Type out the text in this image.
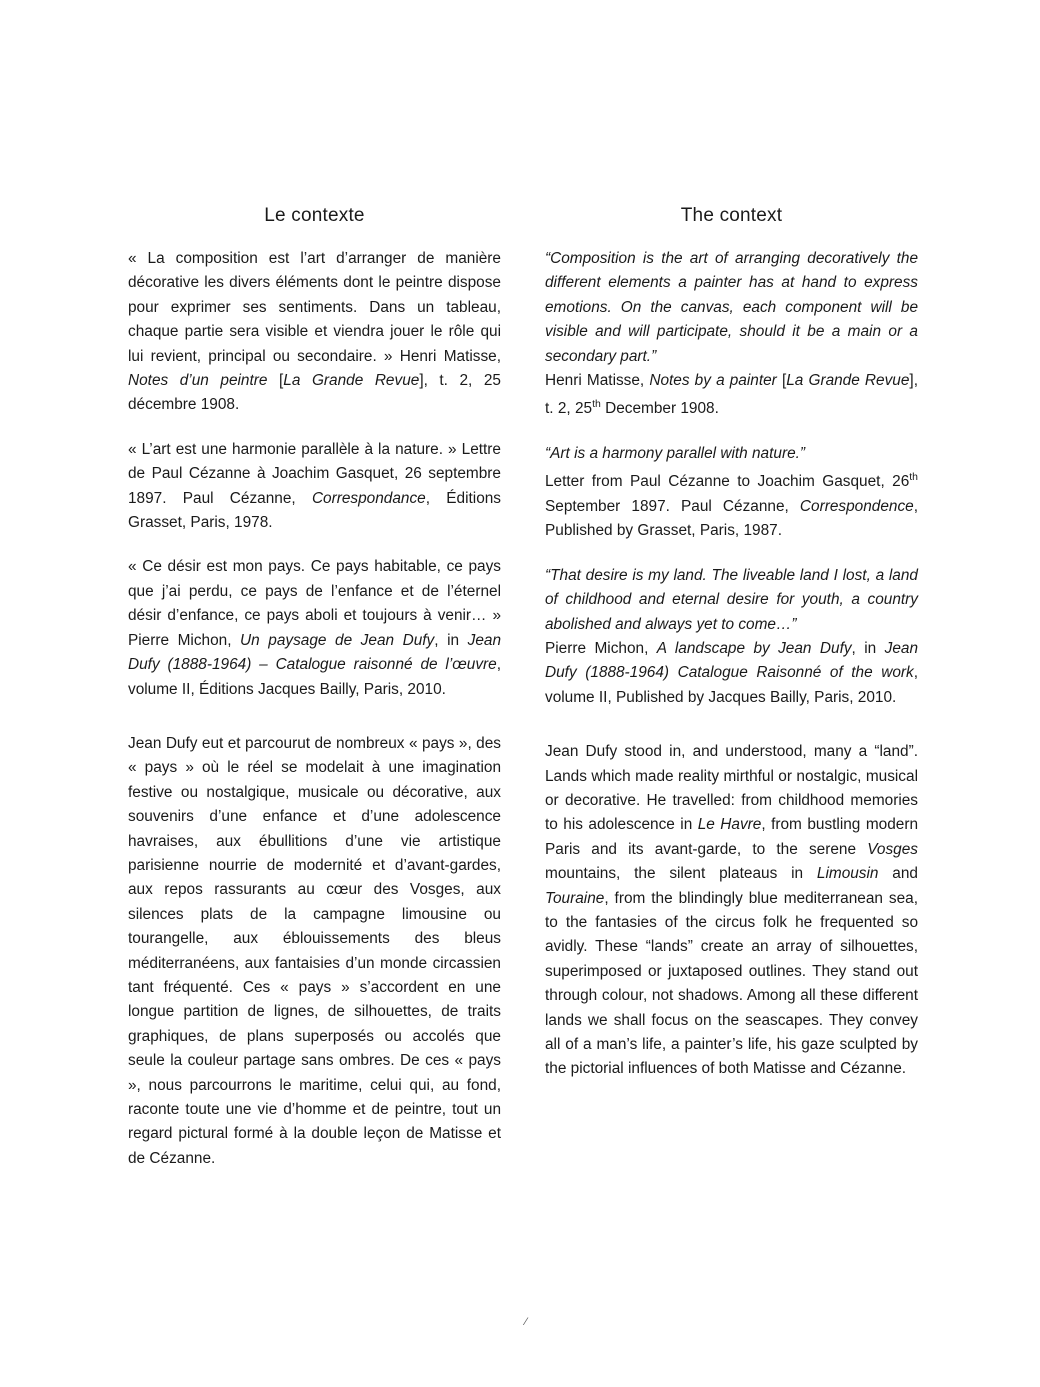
Le contexte
« La composition est l’art d’arranger de manière décorative les divers éléments dont le peintre dispose pour exprimer ses sentiments. Dans un tableau, chaque partie sera visible et viendra jouer le rôle qui lui revient, principal ou secondaire. » Henri Matisse, Notes d’un peintre [La Grande Revue], t. 2, 25 décembre 1908.
« L’art est une harmonie parallèle à la nature. » Lettre de Paul Cézanne à Joachim Gasquet, 26 septembre 1897. Paul Cézanne, Correspondance, Éditions Grasset, Paris, 1978.
« Ce désir est mon pays. Ce pays habitable, ce pays que j’ai perdu, ce pays de l’enfance et de l’éternel désir d’enfance, ce pays aboli et toujours à venir… » Pierre Michon, Un paysage de Jean Dufy, in Jean Dufy (1888-1964) – Catalogue raisonné de l’œuvre, volume II, Éditions Jacques Bailly, Paris, 2010.
Jean Dufy eut et parcourut de nombreux « pays », des « pays » où le réel se modelait à une imagination festive ou nostalgique, musicale ou décorative, aux souvenirs d’une enfance et d’une adolescence havraises, aux ébullitions d’une vie artistique parisienne nourrie de modernité et d’avant-gardes, aux repos rassurants au cœur des Vosges, aux silences plats de la campagne limousine ou tourangelle, aux éblouissements des bleus méditerranéens, aux fantaisies d’un monde circassien tant fréquenté. Ces « pays » s’accordent en une longue partition de lignes, de silhouettes, de traits graphiques, de plans superposés ou accolés que seule la couleur partage sans ombres. De ces « pays », nous parcourrons le maritime, celui qui, au fond, raconte toute une vie d’homme et de peintre, tout un regard pictural formé à la double leçon de Matisse et de Cézanne.
The context
“Composition is the art of arranging decoratively the different elements a painter has at hand to express emotions. On the canvas, each component will be visible and will participate, should it be a main or a secondary part.”
Henri Matisse, Notes by a painter [La Grande Revue], t. 2, 25th December 1908.
“Art is a harmony parallel with nature.”
Letter from Paul Cézanne to Joachim Gasquet, 26th September 1897. Paul Cézanne, Correspondence, Published by Grasset, Paris, 1987.
“That desire is my land. The liveable land I lost, a land of childhood and eternal desire for youth, a country abolished and always yet to come…”
Pierre Michon, A landscape by Jean Dufy, in Jean Dufy (1888-1964) Catalogue Raisonné of the work, volume II, Published by Jacques Bailly, Paris, 2010.
Jean Dufy stood in, and understood, many a “land”. Lands which made reality mirthful or nostalgic, musical or decorative. He travelled: from childhood memories to his adolescence in Le Havre, from bustling modern Paris and its avant-garde, to the serene Vosges mountains, the silent plateaus in Limousin and Touraine, from the blindingly blue mediterranean sea, to the fantasies of the circus folk he frequented so avidly. These “lands” create an array of silhouettes, superimposed or juxtaposed outlines. They stand out through colour, not shadows. Among all these different lands we shall focus on the seascapes. They convey all of a man’s life, a painter’s life, his gaze sculpted by the pictorial influences of both Matisse and Cézanne.
⁄
